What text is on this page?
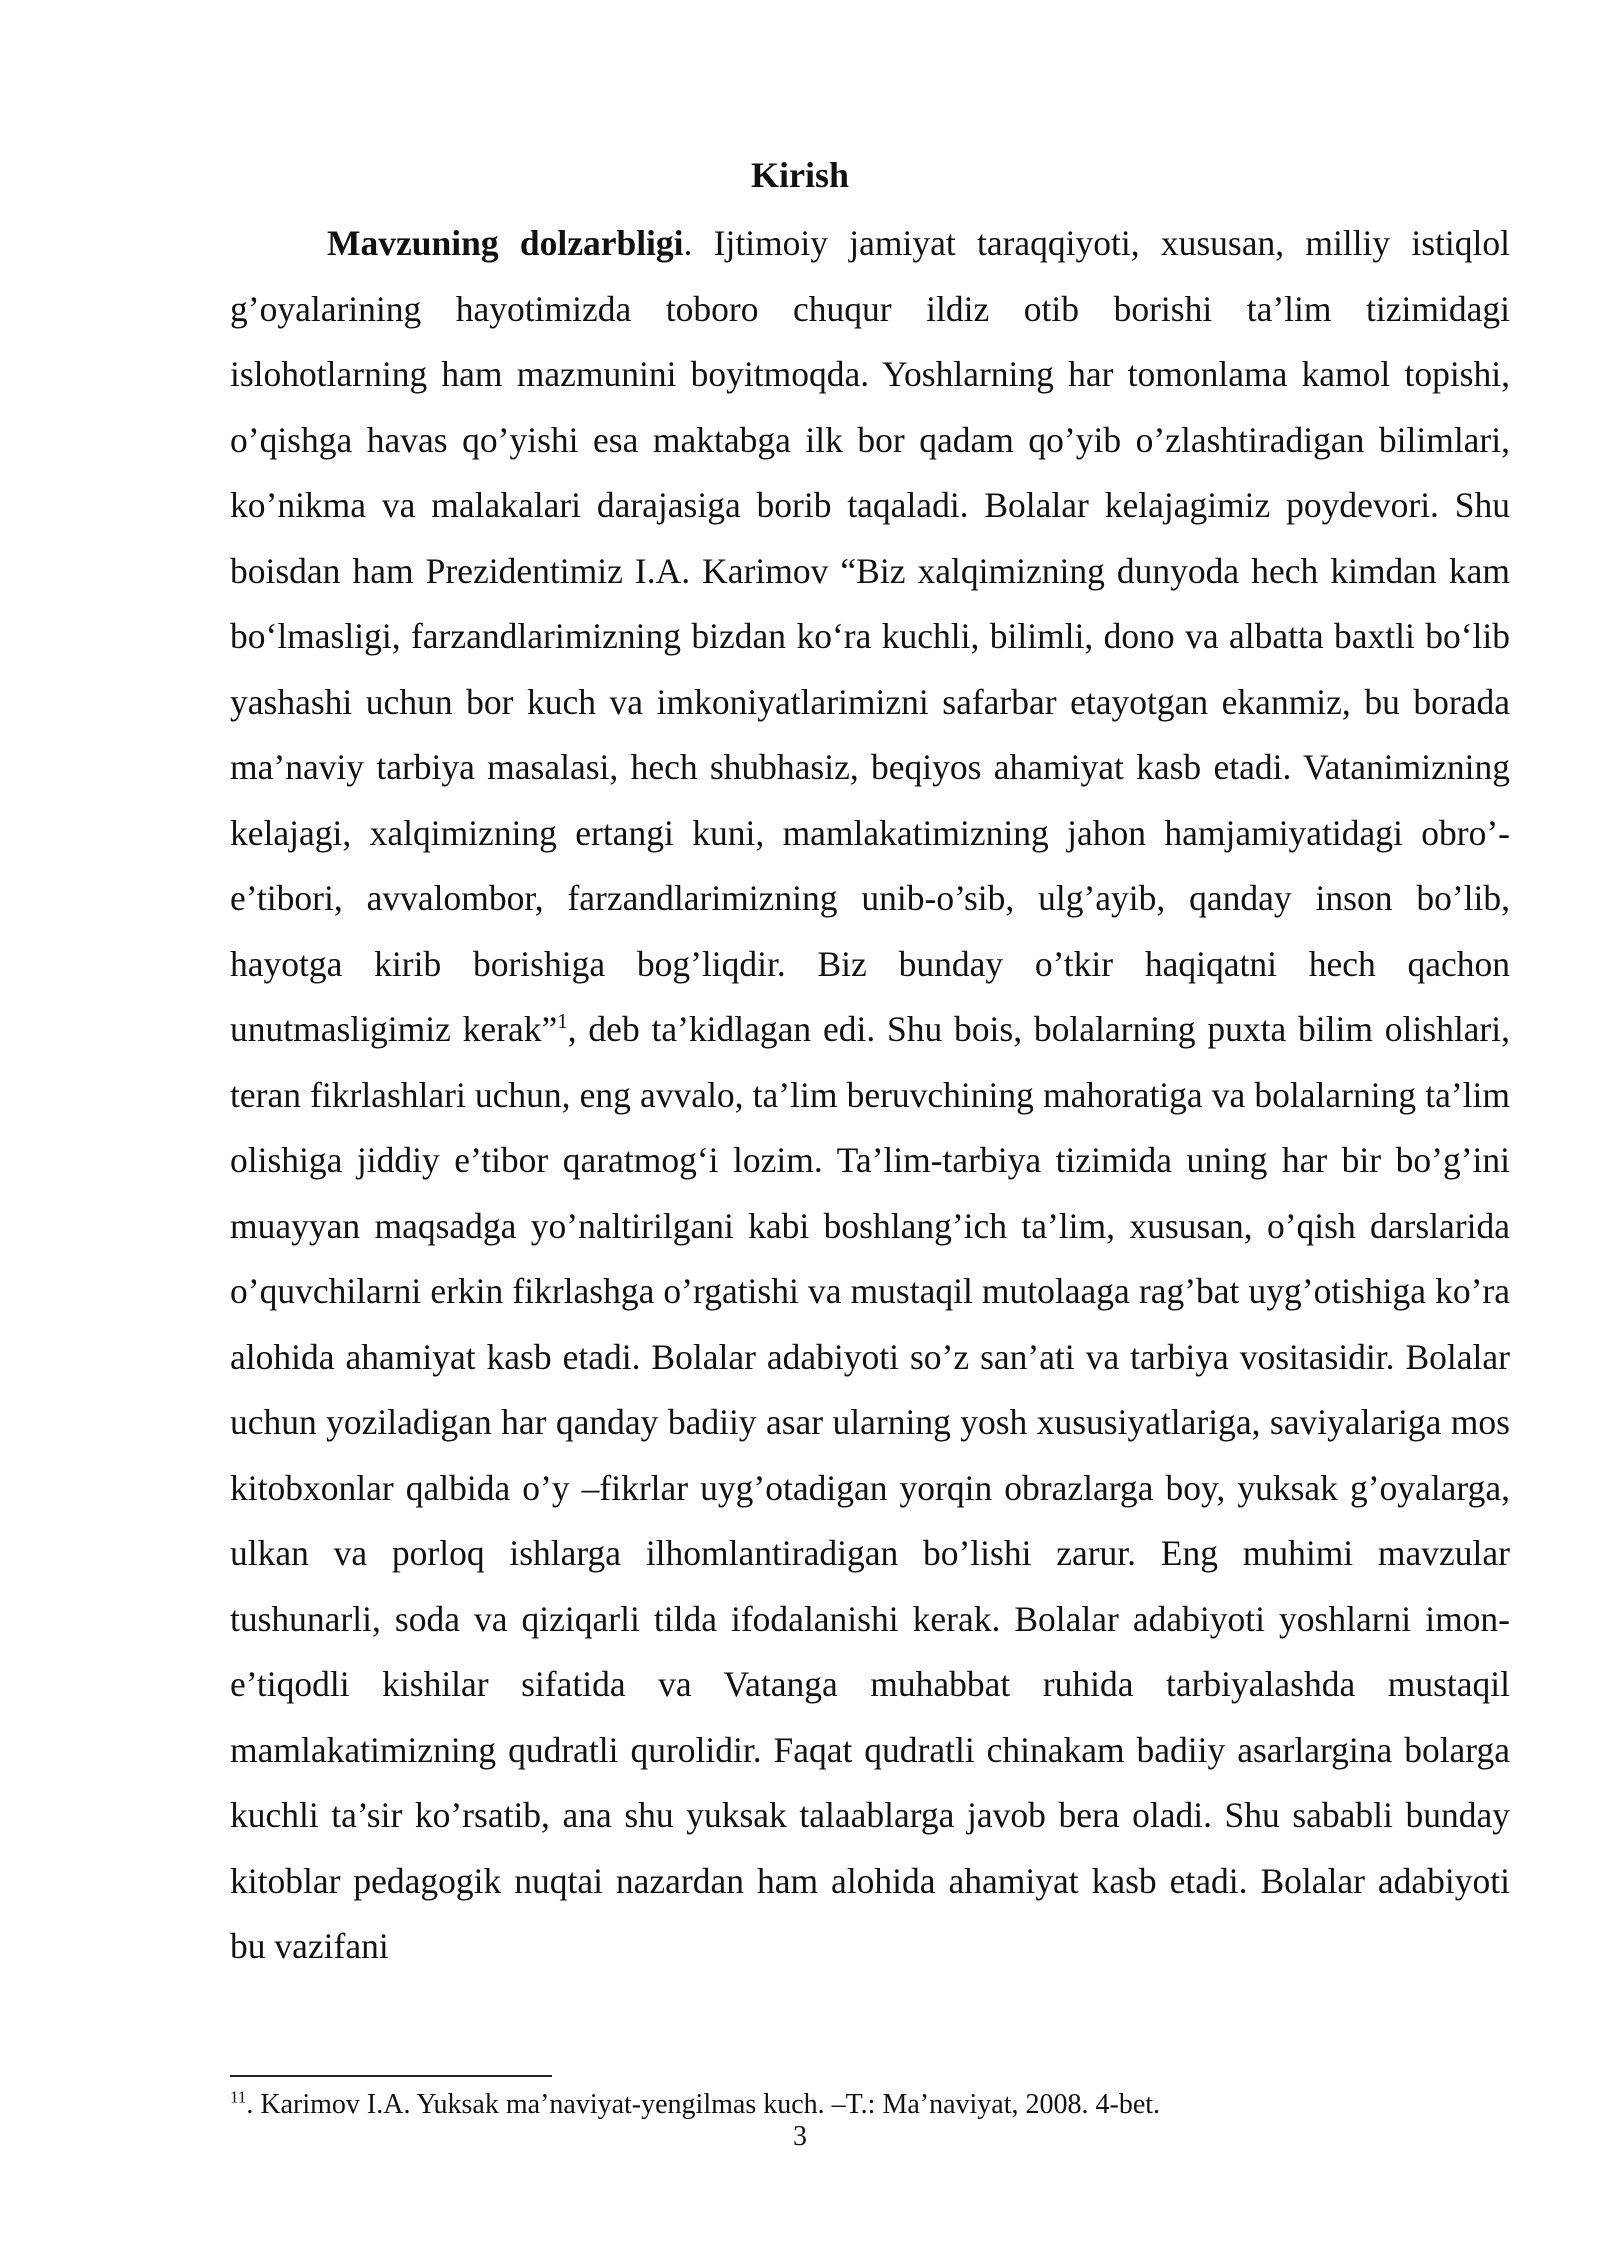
Kirish

Mavzuning dolzarbligi. Ijtimoiy jamiyat taraqqiyoti, xususan, milliy istiqlol g’oyalarining hayotimizda toboro chuqur ildiz otib borishi ta’lim tizimidagi islohotlarning ham mazmunini boyitmoqda. Yoshlarning har tomonlama kamol topishi, o’qishga havas qo’yishi esa maktabga ilk bor qadam qo’yib o’zlashtiradigan bilimlari, ko’nikma va malakalari darajasiga borib taqaladi. Bolalar kelajagimiz poydevori. Shu boisdan ham Prezidentimiz I.A. Karimov “Biz xalqimizning dunyoda hech kimdan kam bo‘lmasligi, farzandlarimizning bizdan ko‘ra kuchli, bilimli, dono va albatta baxtli bo‘lib yashashi uchun bor kuch va imkoniyatlarimizni safarbar etayotgan ekanmiz, bu borada ma’naviy tarbiya masalasi, hech shubhasiz, beqiyos ahamiyat kasb etadi. Vatanimizning kelajagi, xalqimizning ertangi kuni, mamlakatimizning jahon hamjamiyatidagi obro’- e’tibori, avvalombor, farzandlarimizning unib-o’sib, ulg’ayib, qanday inson bo’lib, hayotga kirib borishiga bog’liqdir. Biz bunday o’tkir haqiqatni hech qachon unutmasligimiz kerak”$^1$, deb ta’kidlagan edi. Shu bois, bolalarning puxta bilim olishlari, teran fikrlashlari uchun, eng avvalo, ta’lim beruvchining mahoratiga va bolalarning ta’lim olishiga jiddiy e’tibor qaratmog‘i lozim. Ta’lim-tarbiya tizimida uning har bir bo’g’ini muayyan maqsadga yo’naltirilgani kabi boshlang’ich ta’lim, xususan, o’qish darslarida o’quvchilarni erkin fikrlashga o’rgatishi va mustaqil mutolaaga rag’bat uyg’otishiga ko’ra alohida ahamiyat kasb etadi. Bolalar adabiyoti so’z san’ati va tarbiya vositasidir. Bolalar uchun yoziladigan har qanday badiiy asar ularning yosh xususiyatlariga, saviyalariga mos kitobxonlar qalbida o’y –fikrlar uyg’otadigan yorqin obrazlarga boy, yuksak g’oyalarga, ulkan va porloq ishlarga ilhomlantiradigan bo’lishi zarur. Eng muhimi mavzular tushunarli, soda va qiziqarli tilda ifodalanishi kerak. Bolalar adabiyoti yoshlarni imon-e’tiqodli kishilar sifatida va Vatanga muhabbat ruhida tarbiyalashda mustaqil mamlakatimizning qudratli qurolidir. Faqat qudratli chinakam badiiy asarlargina bolarga kuchli ta’sir ko’rsatib, ana shu yuksak talaablarga javob bera oladi. Shu sababli bunday kitoblar pedagogik nuqtai nazardan ham alohida ahamiyat kasb etadi. Bolalar adabiyoti bu vazifani

$^{11}$. Karimov I.A. Yuksak ma’naviyat-yengilmas kuch. –T.: Ma’naviyat, 2008. 4-bet.

3
